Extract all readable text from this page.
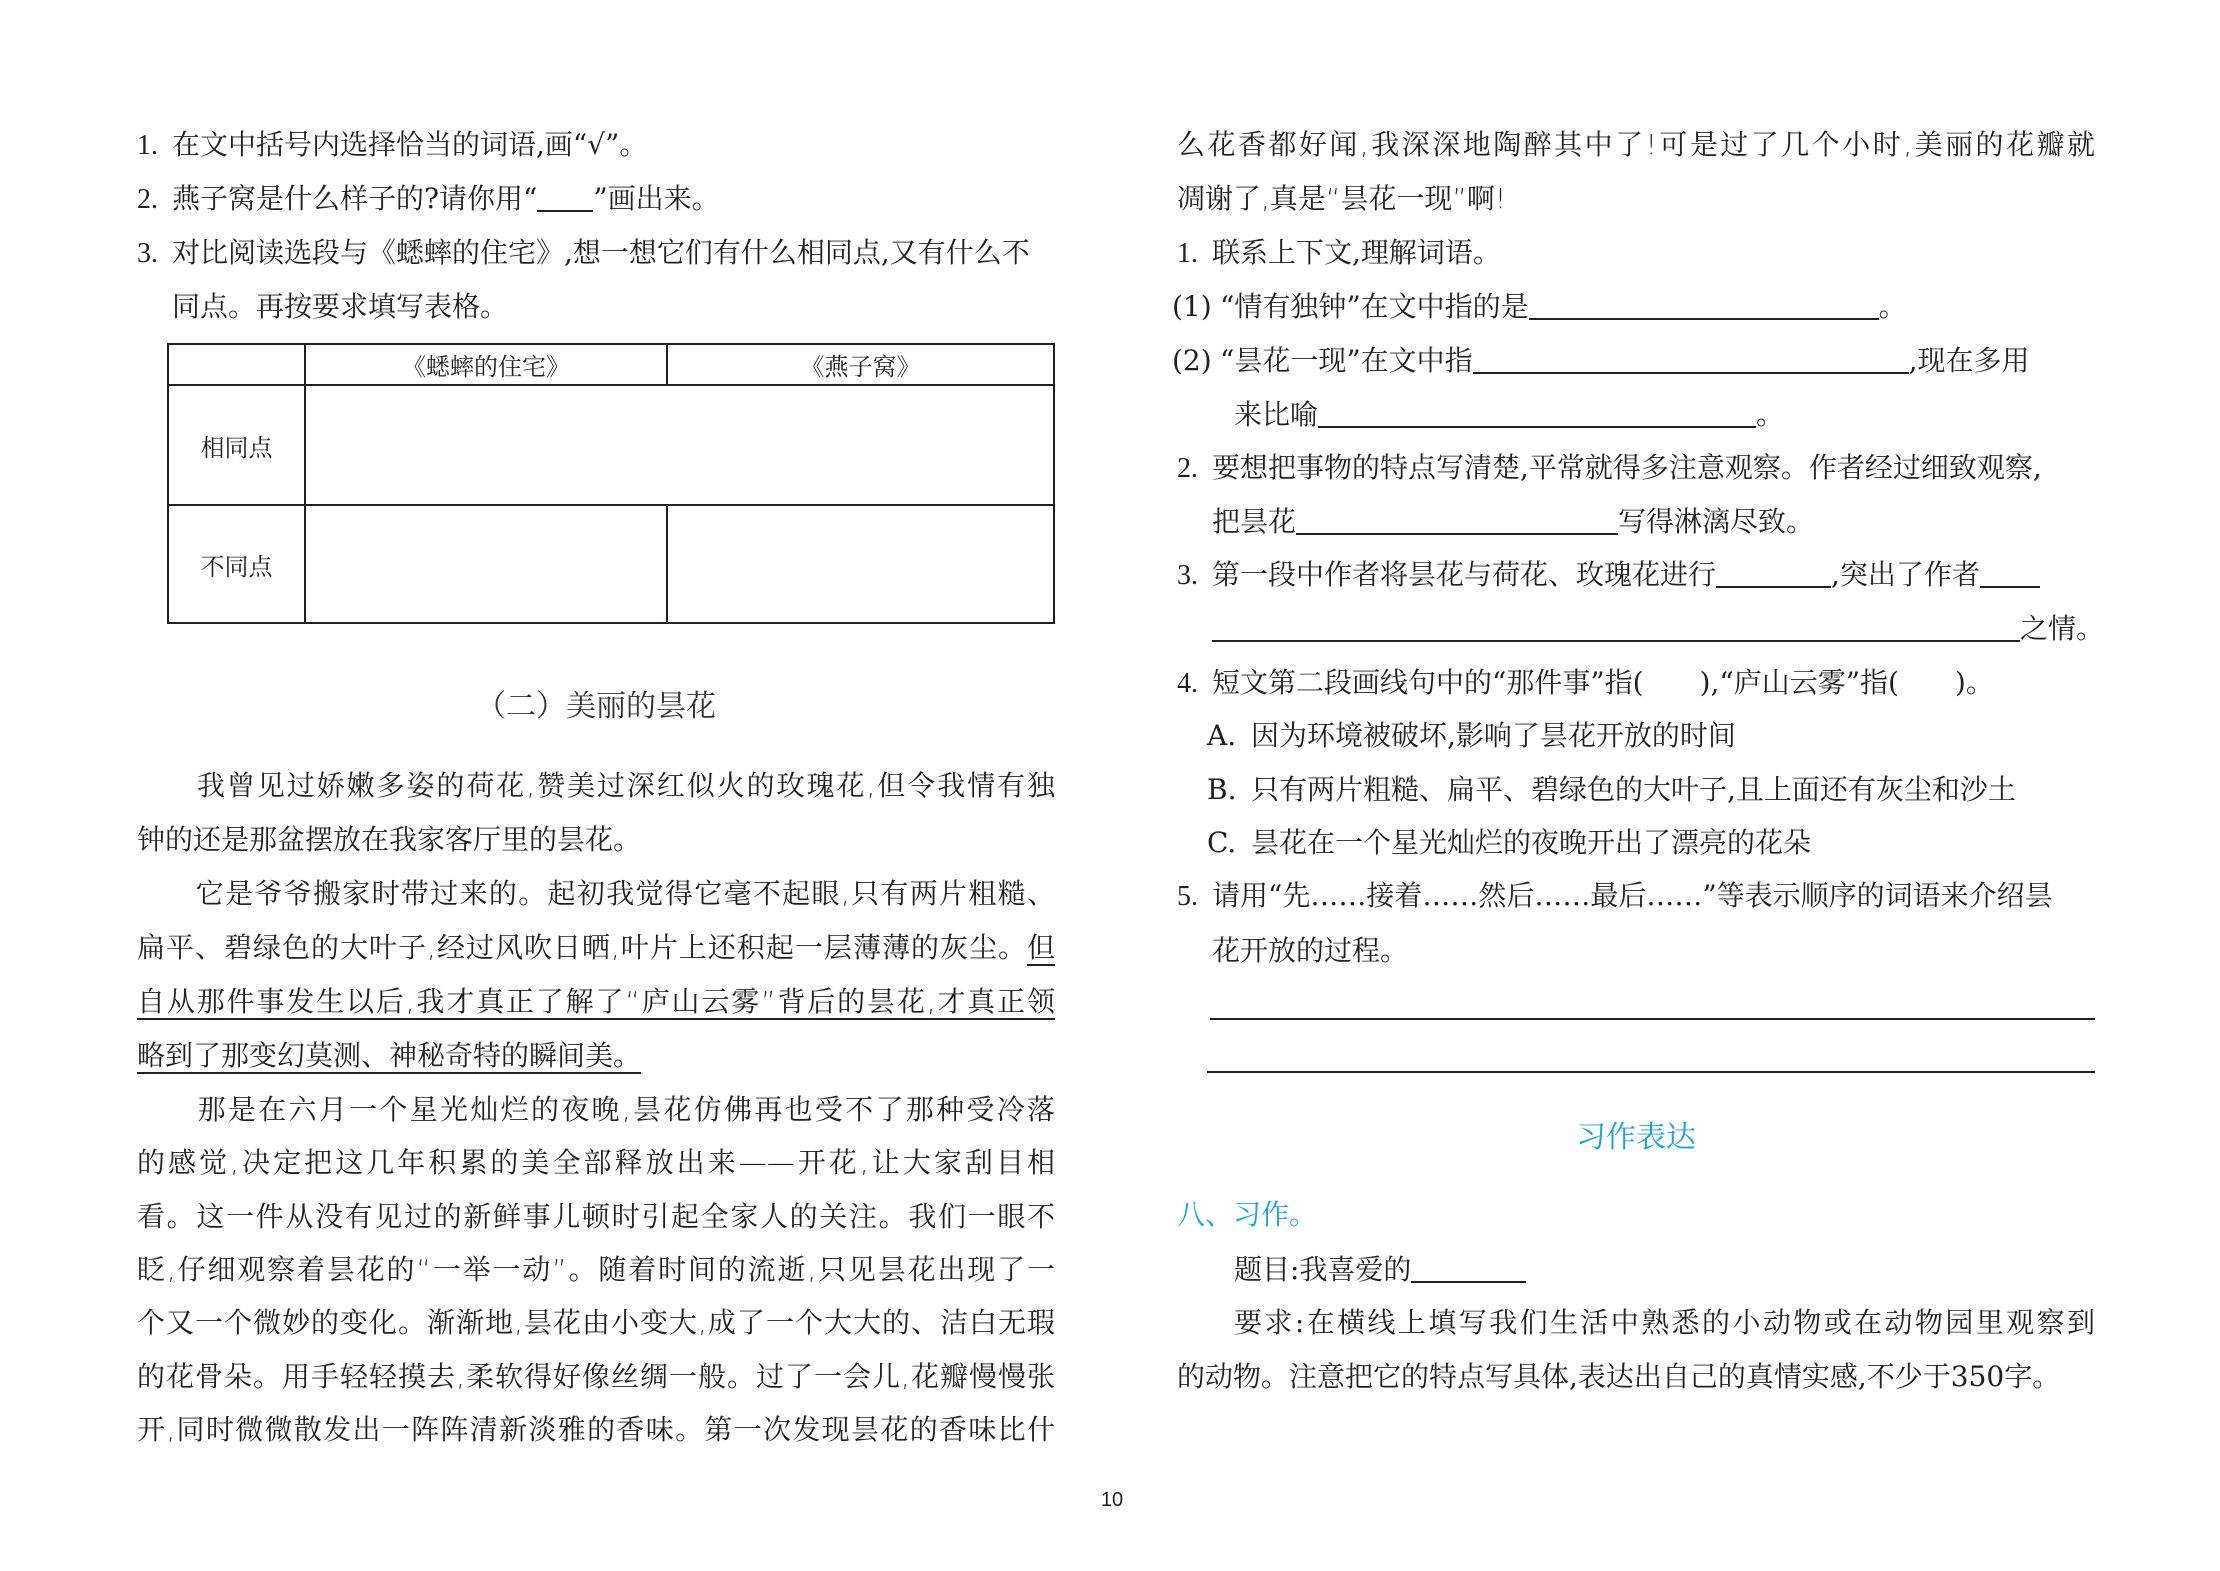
1. 在文中括号内选择恰当的词语,画“√”。
2. 燕子窝是什么样子的?请你用“ ”画出来。
3. 对比阅读选段与《蟋蟀的住宅》,想一想它们有什么相同点,又有什么不
同点。再按要求填写表格。
	《蟋蟀的住宅》	《燕子窝》
相同点		
不同点		
（二）美丽的昙花
　　我曾见过娇嫩多姿的荷花,赞美过深红似火的玫瑰花,但令我情有独
钟的还是那盆摆放在我家客厅里的昙花。
　　它是爷爷搬家时带过来的。起初我觉得它毫不起眼,只有两片粗糙、
扁平、碧绿色的大叶子,经过风吹日晒,叶片上还积起一层薄薄的灰尘。但
自从那件事发生以后,我才真正了解了“庐山云雾”背后的昙花,才真正领
略到了那变幻莫测、神秘奇特的瞬间美。
　　那是在六月一个星光灿烂的夜晚,昙花仿佛再也受不了那种受冷落
的感觉,决定把这几年积累的美全部释放出来——开花,让大家刮目相
看。这一件从没有见过的新鲜事儿顿时引起全家人的关注。我们一眼不
眨,仔细观察着昙花的“一举一动”。随着时间的流逝,只见昙花出现了一
个又一个微妙的变化。渐渐地,昙花由小变大,成了一个大大的、洁白无瑕
的花骨朵。用手轻轻摸去,柔软得好像丝绸一般。过了一会儿,花瓣慢慢张
开,同时微微散发出一阵阵清新淡雅的香味。第一次发现昙花的香味比什
么花香都好闻,我深深地陶醉其中了!可是过了几个小时,美丽的花瓣就
凋谢了,真是“昙花一现”啊!
1. 联系上下文,理解词语。
(1) “情有独钟”在文中指的是	。
(2) “昙花一现”在文中指	,现在多用
来比喻	。
2. 要想把事物的特点写清楚,平常就得多注意观察。作者经过细致观察,
把昙花	写得淋漓尽致。
3. 第一段中作者将昙花与荷花、玫瑰花进行	,突出了作者
之情。
4. 短文第二段画线句中的“那件事”指(　　),“庐山云雾”指(　　)。
A. 因为环境被破坏,影响了昙花开放的时间
B. 只有两片粗糙、扁平、碧绿色的大叶子,且上面还有灰尘和沙土
C. 昙花在一个星光灿烂的夜晚开出了漂亮的花朵
5. 请用“先……接着……然后……最后……”等表示顺序的词语来介绍昙
花开放的过程。
习作表达
八、习作。
题目:我喜爱的
要求:在横线上填写我们生活中熟悉的小动物或在动物园里观察到
的动物。注意把它的特点写具体,表达出自己的真情实感,不少于350字。
10
